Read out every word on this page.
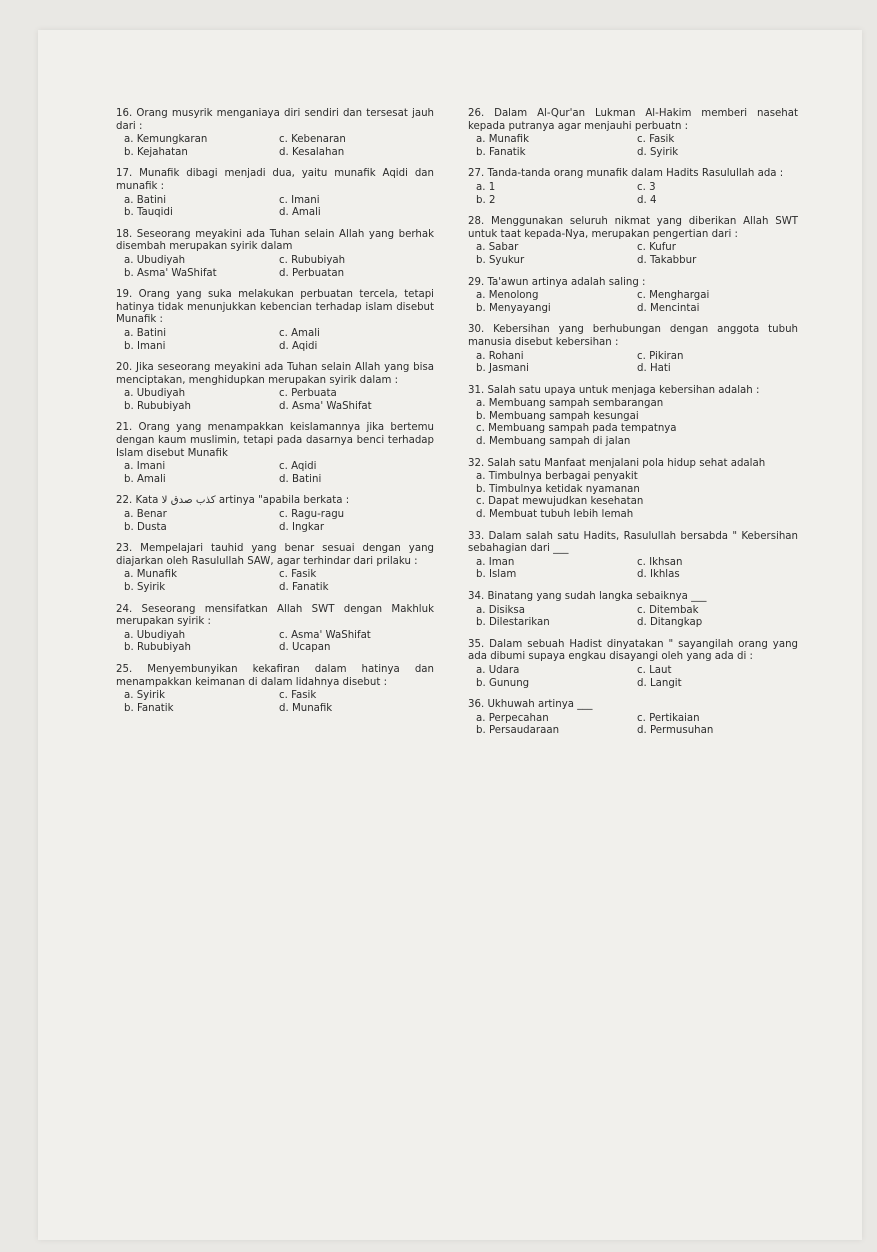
16. Orang musyrik menganiaya diri sendiri dan tersesat jauh dari :
a. Kemungkaran	c. Kebenaran
b. Kejahatan	d. Kesalahan
17. Munafik dibagi menjadi dua, yaitu munafik Aqidi dan munafik :
a. Batini	c. Imani
b. Tauqidi	d. Amali
18. Seseorang meyakini ada Tuhan selain Allah yang berhak disembah merupakan syirik dalam
a. Ubudiyah	c. Rububiyah
b. Asma' WaShifat	d. Perbuatan
19. Orang yang suka melakukan perbuatan tercela, tetapi hatinya tidak menunjukkan kebencian terhadap islam disebut Munafik :
a. Batini	c. Amali
b. Imani	d. Aqidi
20. Jika seseorang meyakini ada Tuhan selain Allah yang bisa menciptakan, menghidupkan merupakan syirik dalam :
a. Ubudiyah	c. Perbuata
b. Rububiyah	d. Asma' WaShifat
21. Orang yang menampakkan keislamannya jika bertemu dengan kaum muslimin, tetapi pada dasarnya benci terhadap Islam disebut Munafik
a. Imani	c. Aqidi
b. Amali	d. Batini
22. Kata كذب صدق لا artinya "apabila berkata :
a. Benar	c. Ragu-ragu
b. Dusta	d. Ingkar
23. Mempelajari tauhid yang benar sesuai dengan yang diajarkan oleh Rasulullah SAW, agar terhindar dari prilaku :
a. Munafik	c. Fasik
b. Syirik	d. Fanatik
24. Seseorang mensifatkan Allah SWT dengan Makhluk merupakan syirik :
a. Ubudiyah	c. Asma' WaShifat
b. Rububiyah	d. Ucapan
25. Menyembunyikan kekafiran dalam hatinya dan menampakkan keimanan di dalam lidahnya disebut :
a. Syirik	c. Fasik
b. Fanatik	d. Munafik
26. Dalam Al-Qur'an Lukman Al-Hakim memberi nasehat kepada putranya agar menjauhi perbuatn :
a. Munafik	c. Fasik
b. Fanatik	d. Syirik
27. Tanda-tanda orang munafik dalam Hadits Rasulullah ada :
a. 1	c. 3
b. 2	d. 4
28. Menggunakan seluruh nikmat yang diberikan Allah SWT untuk taat kepada-Nya, merupakan pengertian dari :
a. Sabar	c. Kufur
b. Syukur	d. Takabbur
29. Ta'awun artinya adalah saling :
a. Menolong	c. Menghargai
b. Menyayangi	d. Mencintai
30. Kebersihan yang berhubungan dengan anggota tubuh manusia disebut kebersihan :
a. Rohani	c. Pikiran
b. Jasmani	d. Hati
31. Salah satu upaya untuk menjaga kebersihan adalah :
a. Membuang sampah sembarangan
b. Membuang sampah kesungai
c. Membuang sampah pada tempatnya
d. Membuang sampah di jalan
32. Salah satu Manfaat menjalani pola hidup sehat adalah
a. Timbulnya berbagai penyakit
b. Timbulnya ketidak nyamanan
c. Dapat mewujudkan kesehatan
d. Membuat tubuh lebih lemah
33. Dalam salah satu Hadits, Rasulullah bersabda " Kebersihan sebahagian dari ___
a. Iman	c. Ikhsan
b. Islam	d. Ikhlas
34. Binatang yang sudah langka sebaiknya ___
a. Disiksa	c. Ditembak
b. Dilestarikan	d. Ditangkap
35. Dalam sebuah Hadist dinyatakan " sayangilah orang yang ada dibumi supaya engkau disayangi oleh yang ada di :
a. Udara	c. Laut
b. Gunung	d. Langit
36. Ukhuwah artinya ___
a. Perpecahan	c. Pertikaian
b. Persaudaraan	d. Permusuhan
